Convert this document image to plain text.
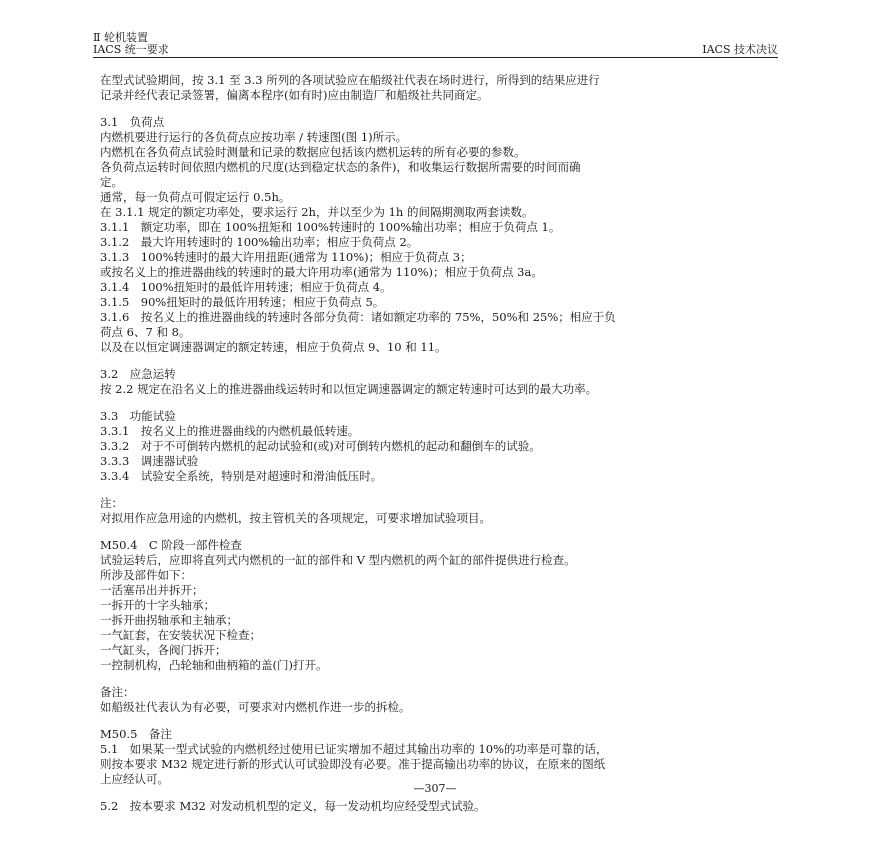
Ⅱ 轮机装置
IACS 统一要求	IACS 技术决议

在型式试验期间，按 3.1 至 3.3 所列的各项试验应在船级社代表在场时进行，所得到的结果应进行

记录并经代表记录签署，偏离本程序(如有时)应由制造厂和船级社共同商定。

3.1　负荷点

内燃机要进行运行的各负荷点应按功率 / 转速图(图 1)所示。

内燃机在各负荷点试验时测量和记录的数据应包括该内燃机运转的所有必要的参数。

各负荷点运转时间依照内燃机的尺度(达到稳定状态的条件)，和收集运行数据所需要的时间而确

定。

通常，每一负荷点可假定运行 0.5h。

在 3.1.1 规定的额定功率处，要求运行 2h，并以至少为 1h 的间隔期测取两套读数。

3.1.1　额定功率，即在 100%扭矩和 100%转速时的 100%输出功率；相应于负荷点 1。

3.1.2　最大许用转速时的 100%输出功率；相应于负荷点 2。

3.1.3　100%转速时的最大许用扭距(通常为 110%)；相应于负荷点 3；

或按名义上的推进器曲线的转速时的最大许用功率(通常为 110%)；相应于负荷点 3a。

3.1.4　100%扭矩时的最低许用转速；相应于负荷点 4。

3.1.5　90%扭矩时的最低许用转速；相应于负荷点 5。

3.1.6　按名义上的推进器曲线的转速时各部分负荷：诸如额定功率的 75%，50%和 25%；相应于负

荷点 6、7 和 8。

以及在以恒定调速器调定的额定转速，相应于负荷点 9、10 和 11。

3.2　应急运转

按 2.2 规定在沿名义上的推进器曲线运转时和以恒定调速器调定的额定转速时可达到的最大功率。

3.3　功能试验

3.3.1　按名义上的推进器曲线的内燃机最低转速。

3.3.2　对于不可倒转内燃机的起动试验和(或)对可倒转内燃机的起动和翻倒车的试验。

3.3.3　调速器试验

3.3.4　试验安全系统，特别是对超速时和滑油低压时。

注：

对拟用作应急用途的内燃机，按主管机关的各项规定，可要求增加试验项目。

M50.4　C 阶段一部件检查

试验运转后，应即将直列式内燃机的一缸的部件和 V 型内燃机的两个缸的部件提供进行检查。

所涉及部件如下：

一活塞吊出并拆开；

一拆开的十字头轴承；

一拆开曲拐轴承和主轴承；

一气缸套，在安装状况下检查；

一气缸头，各阀门拆开；

一控制机构，凸轮轴和曲柄箱的盖(门)打开。

备注：

如船级社代表认为有必要，可要求对内燃机作进一步的拆检。

M50.5　备注

5.1　如果某一型式试验的内燃机经过使用已证实增加不超过其输出功率的 10%的功率是可靠的话，

则按本要求 M32 规定进行新的形式认可试验即没有必要。准于提高输出功率的协议，在原来的图纸

上应经认可。

5.2　按本要求 M32 对发动机机型的定义，每一发动机均应经受型式试验。

—307—
